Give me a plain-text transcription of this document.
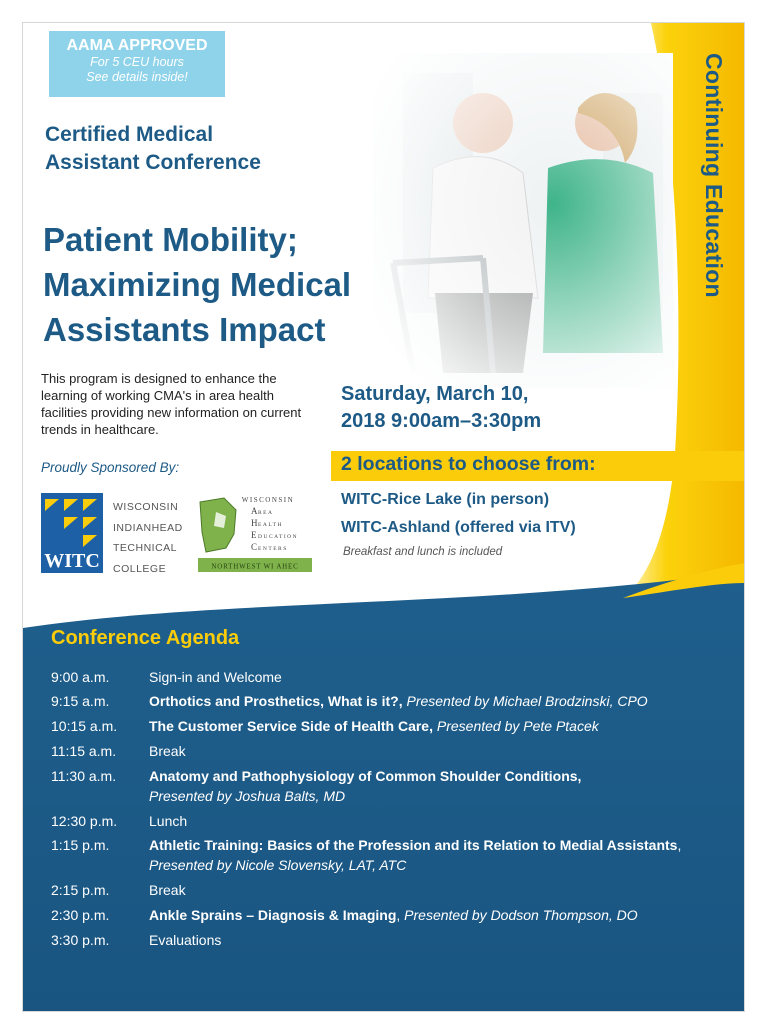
AAMA APPROVED
For 5 CEU hours
See details inside!	Continuing Education
Certified Medical
Assistant Conference
Patient Mobility;
Maximizing Medical
Assistants Impact
This program is designed to enhance the learning of working CMA's in area health facilities providing new information on current trends in healthcare.
Proudly Sponsored By:
WITC
WISCONSIN
INDIANHEAD
TECHNICAL
COLLEGE
WISCONSIN
A REA
H EALTH
E DUCATION
C ENTERS
NORTHWEST WI AHEC
Saturday, March 10,
2018 9:00am–3:30pm
2 locations to choose from:
WITC-Rice Lake (in person)
WITC-Ashland (offered via ITV)
Breakfast and lunch is included
Conference Agenda
9:00 a.m.	Sign-in and Welcome
9:15 a.m.	Orthotics and Prosthetics, What is it?, Presented by Michael Brodzinski, CPO
10:15 a.m.	The Customer Service Side of Health Care, Presented by Pete Ptacek
11:15 a.m.	Break
11:30 a.m.	Anatomy and Pathophysiology of Common Shoulder Conditions,
Presented by Joshua Balts, MD
12:30 p.m.	Lunch
1:15 p.m.	Athletic Training: Basics of the Profession and its Relation to Medial Assistants, Presented by Nicole Slovensky, LAT, ATC
2:15 p.m.	Break
2:30 p.m.	Ankle Sprains – Diagnosis & Imaging, Presented by Dodson Thompson, DO
3:30 p.m.	Evaluations
